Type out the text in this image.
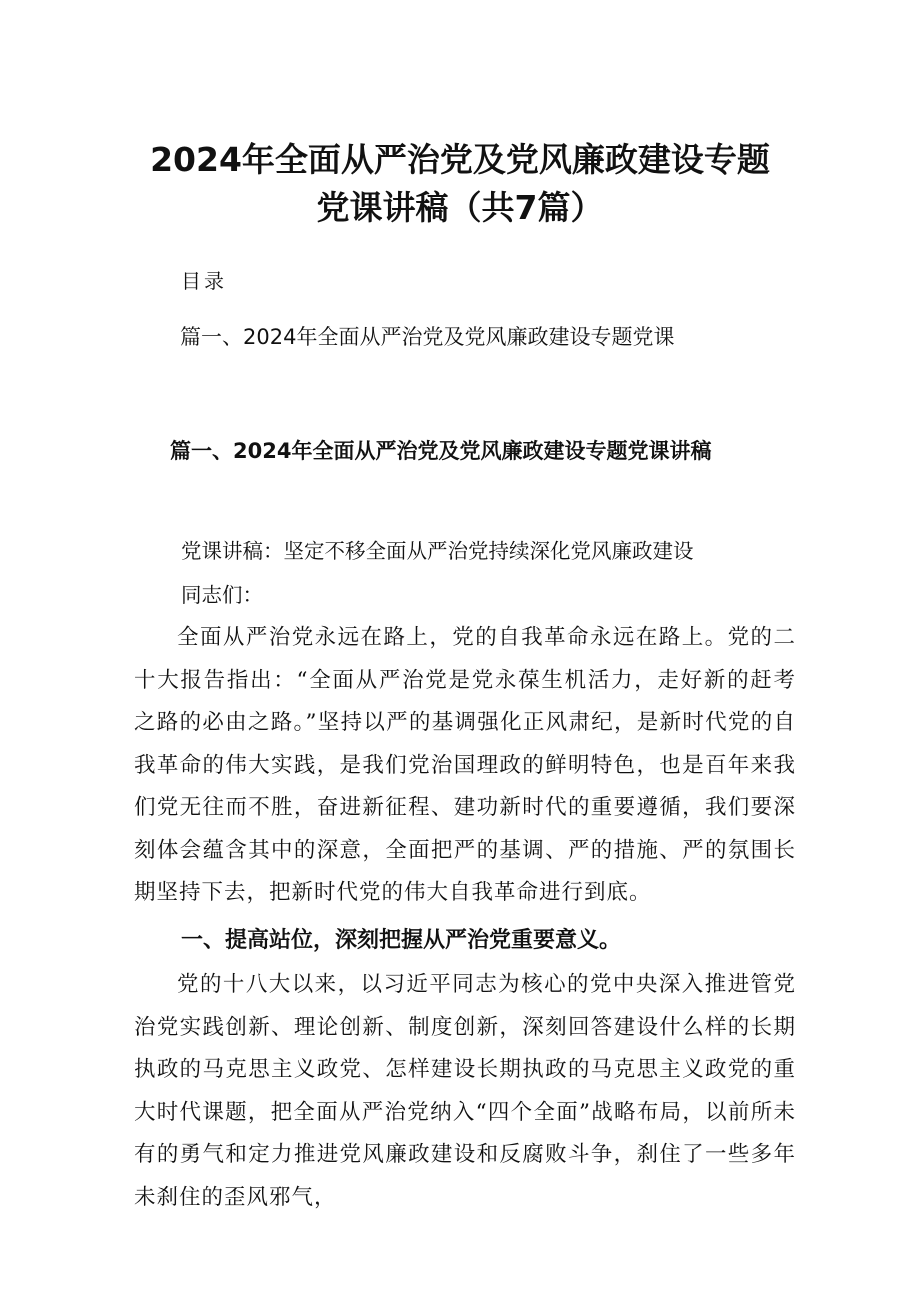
2024年全面从严治党及党风廉政建设专题
党课讲稿（共7篇）
目录
篇一、2024年全面从严治党及党风廉政建设专题党课
篇一、2024年全面从严治党及党风廉政建设专题党课讲稿
党课讲稿：坚定不移全面从严治党持续深化党风廉政建设
同志们：
全面从严治党永远在路上，党的自我革命永远在路上。党的二十大报告指出：“全面从严治党是党永葆生机活力，走好新的赶考之路的必由之路。”坚持以严的基调强化正风肃纪，是新时代党的自我革命的伟大实践，是我们党治国理政的鲜明特色，也是百年来我们党无往而不胜，奋进新征程、建功新时代的重要遵循，我们要深刻体会蕴含其中的深意，全面把严的基调、严的措施、严的氛围长期坚持下去，把新时代党的伟大自我革命进行到底。
一、提高站位，深刻把握从严治党重要意义。
党的十八大以来，以习近平同志为核心的党中央深入推进管党治党实践创新、理论创新、制度创新，深刻回答建设什么样的长期执政的马克思主义政党、怎样建设长期执政的马克思主义政党的重大时代课题，把全面从严治党纳入“四个全面”战略布局，以前所未有的勇气和定力推进党风廉政建设和反腐败斗争，刹住了一些多年未刹住的歪风邪气，
